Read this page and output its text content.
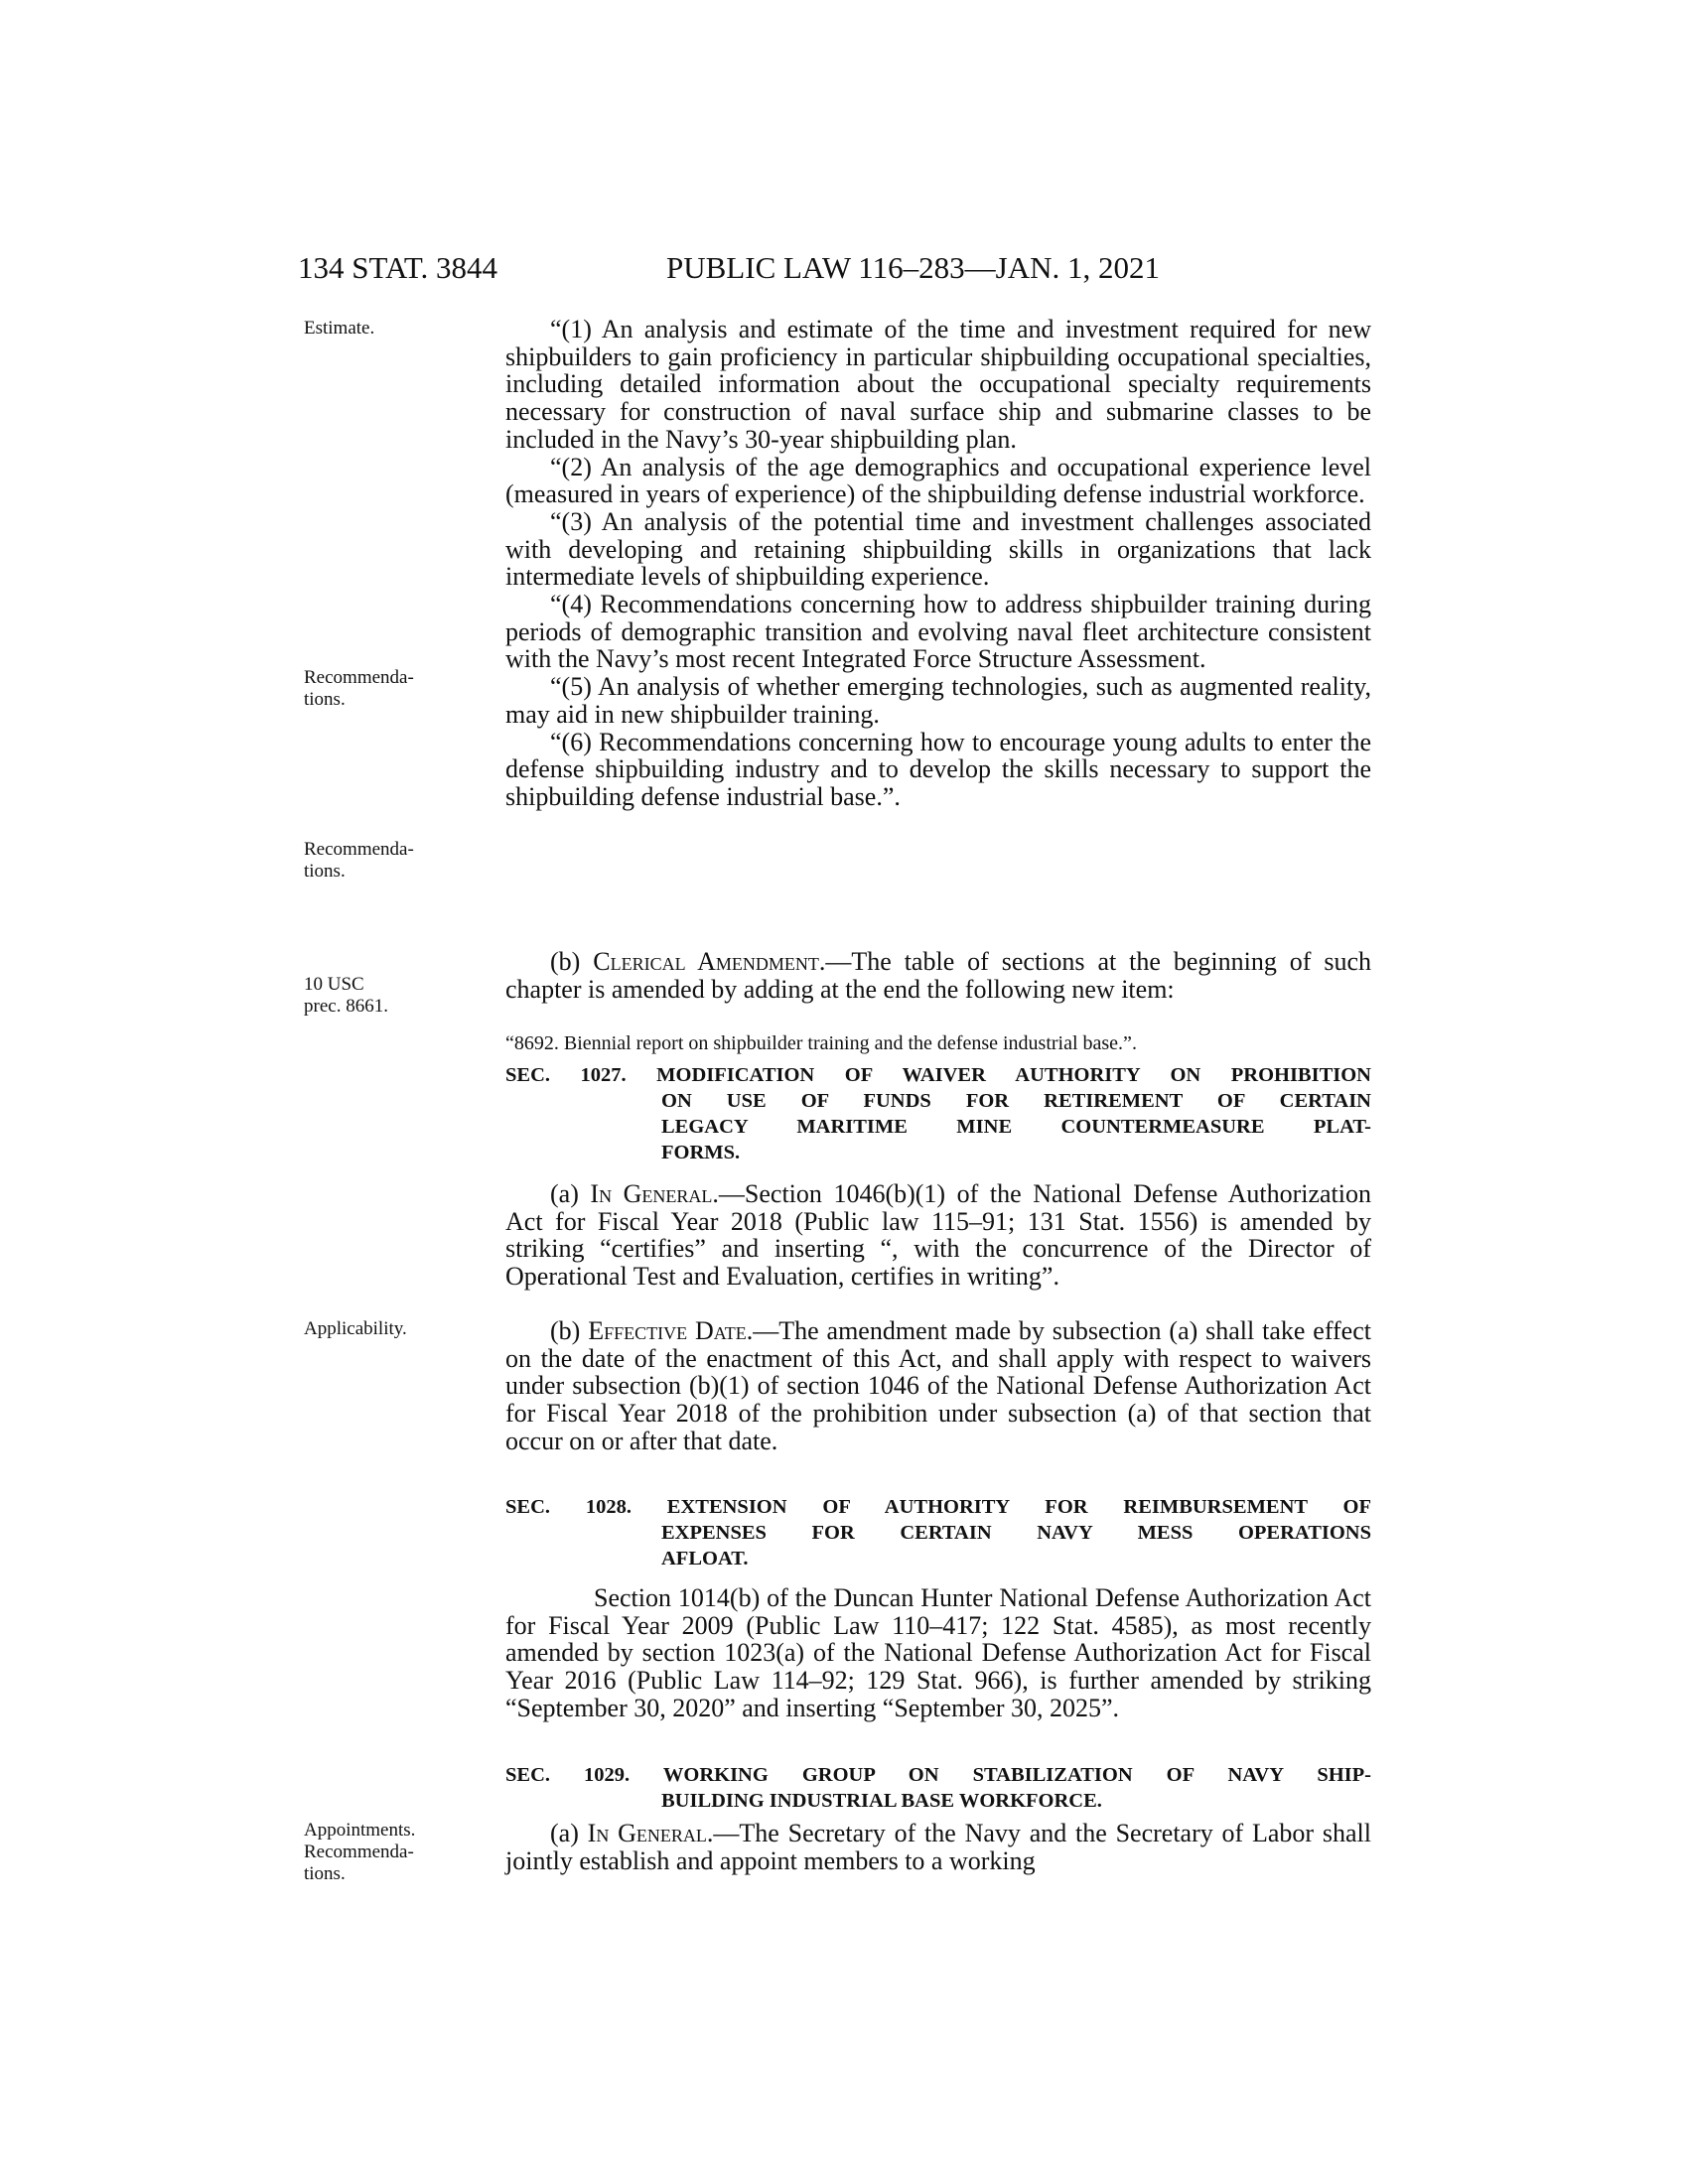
134 STAT. 3844	PUBLIC LAW 116–283—JAN. 1, 2021
Estimate.
Recommenda-
tions.
Recommenda-
tions.
10 USC
prec. 8661.
Applicability.
Appointments.
Recommenda-
tions.

“(1) An analysis and estimate of the time and investment required for new shipbuilders to gain proficiency in particular shipbuilding occupational specialties, including detailed information about the occupational specialty requirements necessary for construction of naval surface ship and submarine classes to be included in the Navy’s 30-year shipbuilding plan.

“(2) An analysis of the age demographics and occupational experience level (measured in years of experience) of the shipbuilding defense industrial workforce.

“(3) An analysis of the potential time and investment challenges associated with developing and retaining shipbuilding skills in organizations that lack intermediate levels of shipbuilding experience.

“(4) Recommendations concerning how to address shipbuilder training during periods of demographic transition and evolving naval fleet architecture consistent with the Navy’s most recent Integrated Force Structure Assessment.

“(5) An analysis of whether emerging technologies, such as augmented reality, may aid in new shipbuilder training.

“(6) Recommendations concerning how to encourage young adults to enter the defense shipbuilding industry and to develop the skills necessary to support the shipbuilding defense industrial base.”.

(b) Clerical Amendment.—The table of sections at the beginning of such chapter is amended by adding at the end the following new item:

“8692. Biennial report on shipbuilder training and the defense industrial base.”.

SEC. 1027. MODIFICATION OF WAIVER AUTHORITY ON PROHIBITION

ON USE OF FUNDS FOR RETIREMENT OF CERTAIN

LEGACY MARITIME MINE COUNTERMEASURE PLAT-

FORMS.

(a) In General.—Section 1046(b)(1) of the National Defense Authorization Act for Fiscal Year 2018 (Public law 115–91; 131 Stat. 1556) is amended by striking “certifies” and inserting “, with the concurrence of the Director of Operational Test and Evaluation, certifies in writing”.

(b) Effective Date.—The amendment made by subsection (a) shall take effect on the date of the enactment of this Act, and shall apply with respect to waivers under subsection (b)(1) of section 1046 of the National Defense Authorization Act for Fiscal Year 2018 of the prohibition under subsection (a) of that section that occur on or after that date.

SEC. 1028. EXTENSION OF AUTHORITY FOR REIMBURSEMENT OF

EXPENSES FOR CERTAIN NAVY MESS OPERATIONS

AFLOAT.

Section 1014(b) of the Duncan Hunter National Defense Authorization Act for Fiscal Year 2009 (Public Law 110–417; 122 Stat. 4585), as most recently amended by section 1023(a) of the National Defense Authorization Act for Fiscal Year 2016 (Public Law 114–92; 129 Stat. 966), is further amended by striking “September 30, 2020” and inserting “September 30, 2025”.

SEC. 1029. WORKING GROUP ON STABILIZATION OF NAVY SHIP-

BUILDING INDUSTRIAL BASE WORKFORCE.

(a) In General.—The Secretary of the Navy and the Secretary of Labor shall jointly establish and appoint members to a working
